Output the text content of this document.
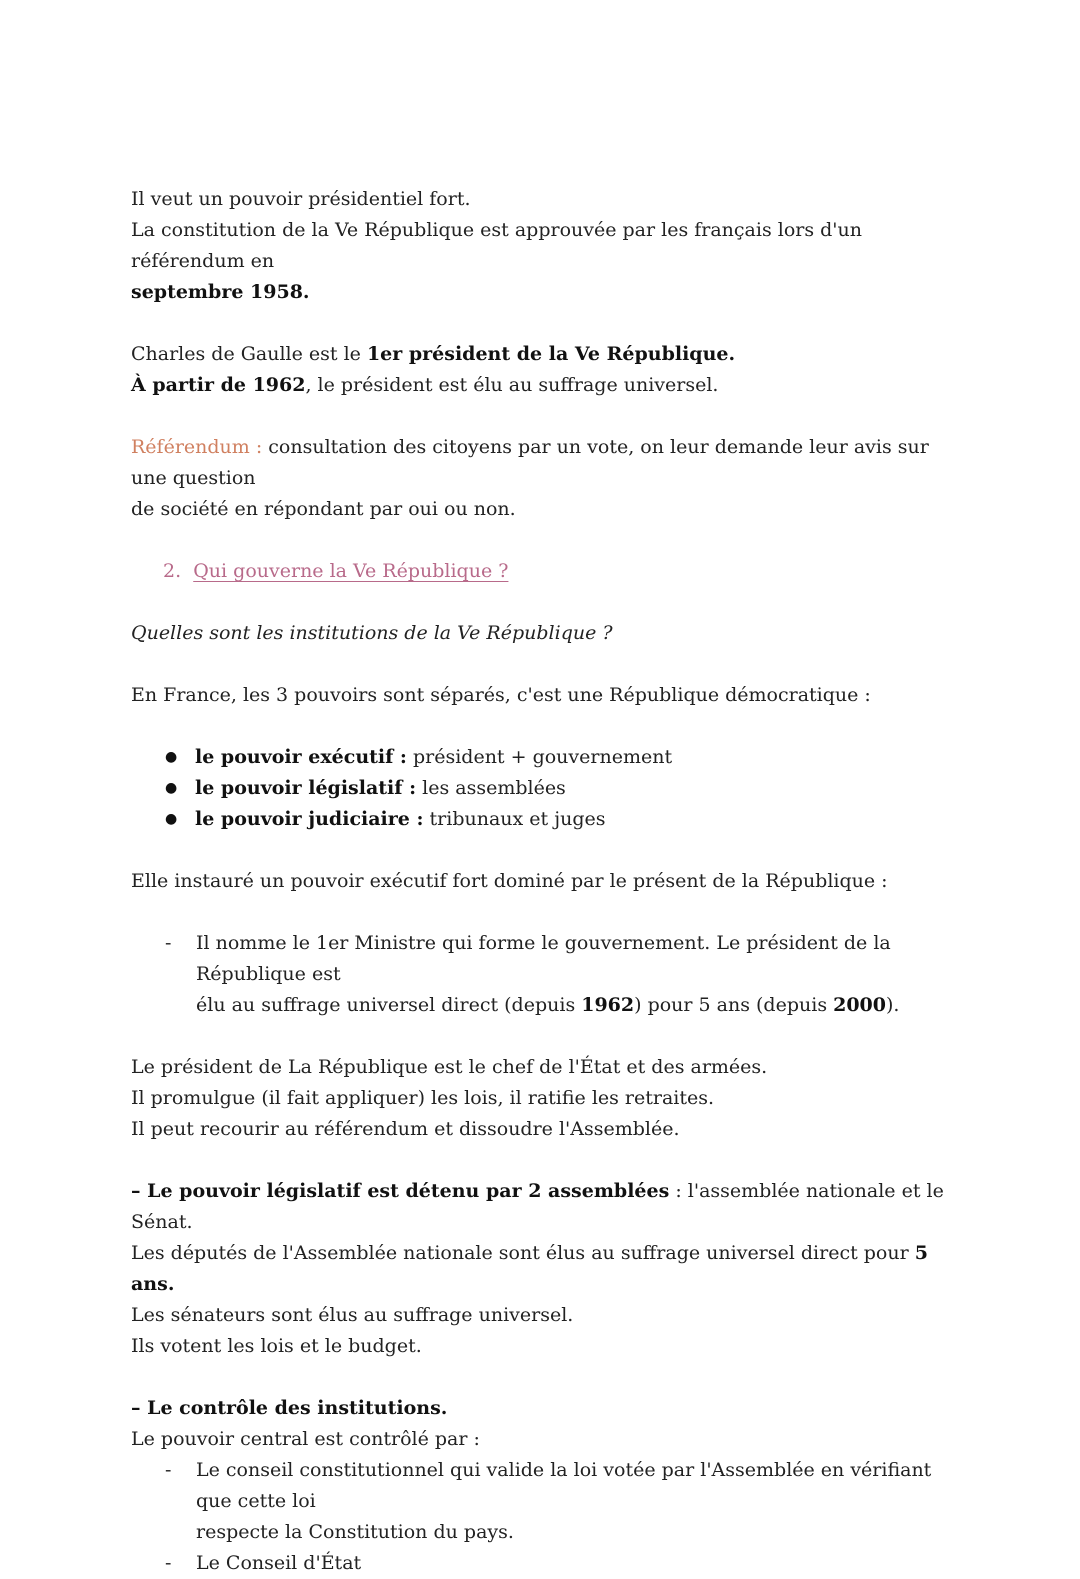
Il veut un pouvoir présidentiel fort.

La constitution de la Ve République est approuvée par les français lors d'un référendum en

septembre 1958.

Charles de Gaulle est le 1er président de la Ve République.

À partir de 1962, le président est élu au suffrage universel.

Référendum : consultation des citoyens par un vote, on leur demande leur avis sur une question

de société en répondant par oui ou non.

2. Qui gouverne la Ve République ?

Quelles sont les institutions de la Ve République ?

En France, les 3 pouvoirs sont séparés, c'est une République démocratique :

● le pouvoir exécutif : président + gouvernement
● le pouvoir législatif : les assemblées
● le pouvoir judiciaire : tribunaux et juges

Elle instauré un pouvoir exécutif fort dominé par le présent de la République :

- Il nomme le 1er Ministre qui forme le gouvernement. Le président de la République est
élu au suffrage universel direct (depuis 1962) pour 5 ans (depuis 2000).

Le président de La République est le chef de l'État et des armées.

Il promulgue (il fait appliquer) les lois, il ratifie les retraites.

Il peut recourir au référendum et dissoudre l'Assemblée.

– Le pouvoir législatif est détenu par 2 assemblées : l'assemblée nationale et le Sénat.

Les députés de l'Assemblée nationale sont élus au suffrage universel direct pour 5 ans.

Les sénateurs sont élus au suffrage universel.

Ils votent les lois et le budget.

– Le contrôle des institutions.

Le pouvoir central est contrôlé par :

- Le conseil constitutionnel qui valide la loi votée par l'Assemblée en vérifiant que cette loi
respecte la Constitution du pays.
- Le Conseil d'État
